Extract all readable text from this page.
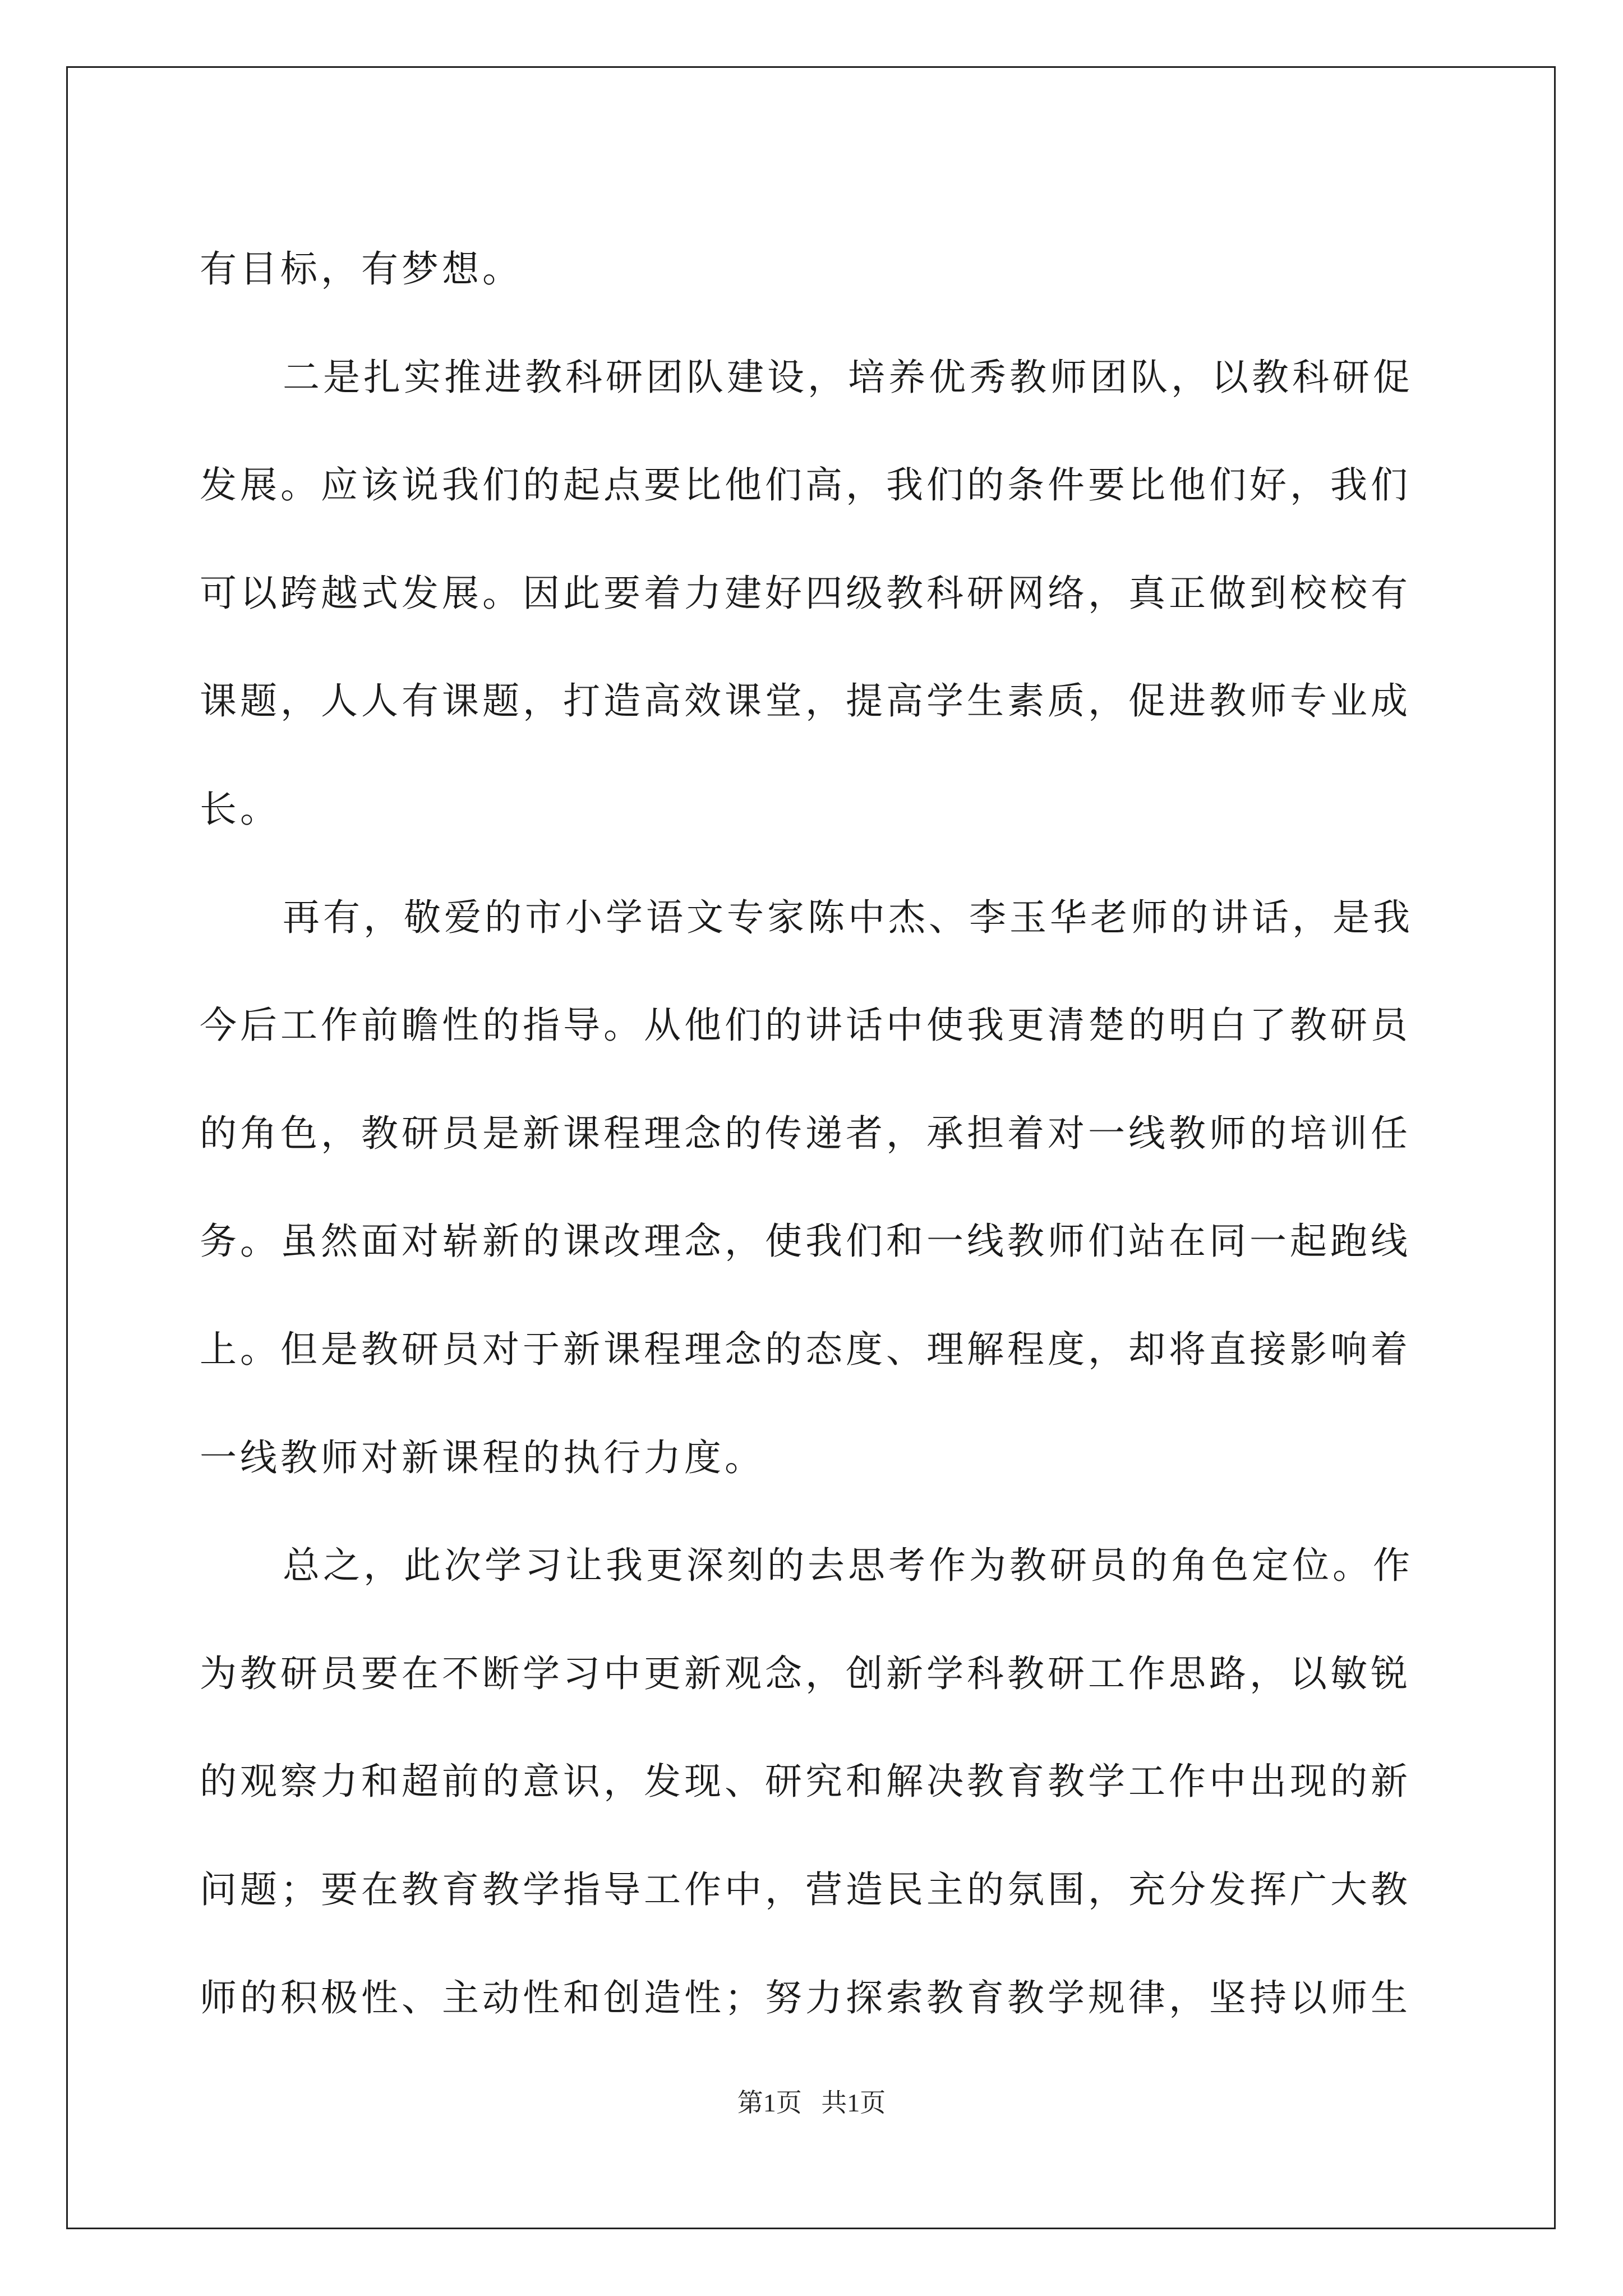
有目标，有梦想。
二是扎实推进教科研团队建设，培养优秀教师团队，以教科研促
发展。应该说我们的起点要比他们高，我们的条件要比他们好，我们
可以跨越式发展。因此要着力建好四级教科研网络，真正做到校校有
课题，人人有课题，打造高效课堂，提高学生素质，促进教师专业成
长。
再有，敬爱的市小学语文专家陈中杰、李玉华老师的讲话，是我
今后工作前瞻性的指导。从他们的讲话中使我更清楚的明白了教研员
的角色，教研员是新课程理念的传递者，承担着对一线教师的培训任
务。虽然面对崭新的课改理念，使我们和一线教师们站在同一起跑线
上。但是教研员对于新课程理念的态度、理解程度，却将直接影响着
一线教师对新课程的执行力度。
总之，此次学习让我更深刻的去思考作为教研员的角色定位。作
为教研员要在不断学习中更新观念，创新学科教研工作思路，以敏锐
的观察力和超前的意识，发现、研究和解决教育教学工作中出现的新
问题；要在教育教学指导工作中，营造民主的氛围，充分发挥广大教
师的积极性、主动性和创造性；努力探索教育教学规律，坚持以师生
第1页   共1页
